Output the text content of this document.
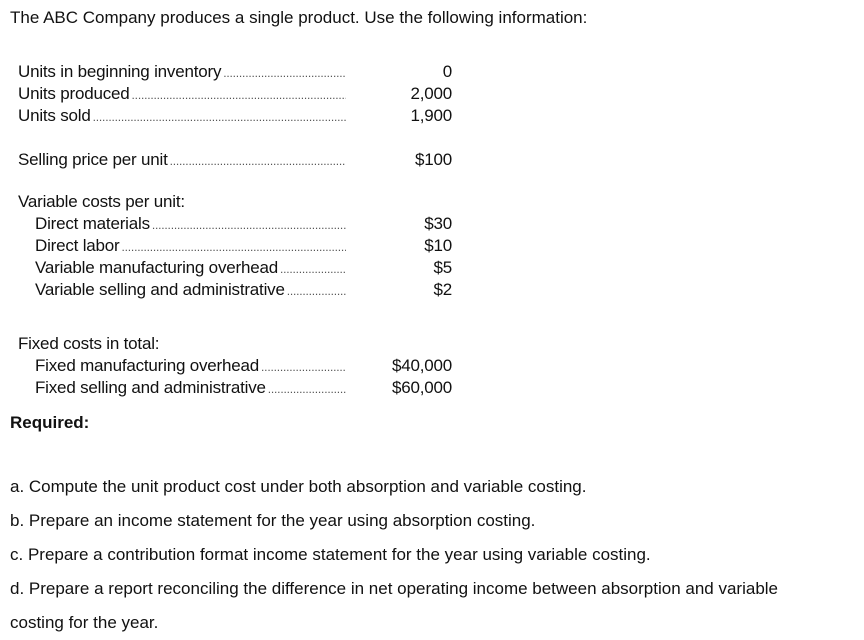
The ABC Company produces a single product. Use the following information:

Units in beginning inventory .....	0
Units produced .....	2,000
Units sold .....	1,900
Selling price per unit .....	$100
Variable costs per unit:
Direct materials .....	$30
Direct labor .....	$10
Variable manufacturing overhead .....	$5
Variable selling and administrative .....	$2
Fixed costs in total:
Fixed manufacturing overhead .....	$40,000
Fixed selling and administrative .....	$60,000

Required:

a. Compute the unit product cost under both absorption and variable costing.
b. Prepare an income statement for the year using absorption costing.
c. Prepare a contribution format income statement for the year using variable costing.
d. Prepare a report reconciling the difference in net operating income between absorption and variable
costing for the year.
